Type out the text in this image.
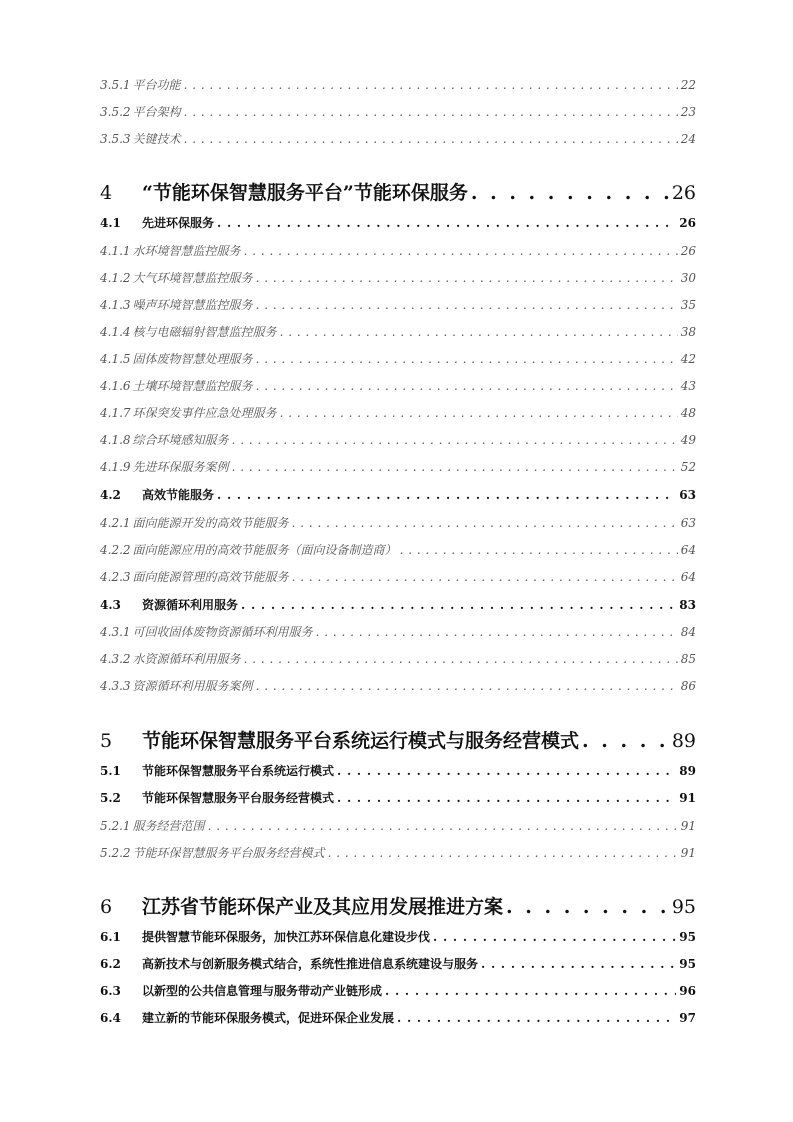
3.5.1 平台功能 . . .	22
3.5.2 平台架构 . . .	23
3.5.3 关键技术 . . .	24
4	“节能环保智慧服务平台”节能环保服务 . . .	26
4.1	先进环保服务 . . .	26
4.1.1 水环境智慧监控服务 . . .	26
4.1.2 大气环境智慧监控服务 . . .	30
4.1.3 噪声环境智慧监控服务 . . .	35
4.1.4 核与电磁辐射智慧监控服务 . . .	38
4.1.5 固体废物智慧处理服务 . . .	42
4.1.6 土壤环境智慧监控服务 . . .	43
4.1.7 环保突发事件应急处理服务 . . .	48
4.1.8 综合环境感知服务 . . .	49
4.1.9 先进环保服务案例 . . .	52
4.2	高效节能服务 . . .	63
4.2.1 面向能源开发的高效节能服务 . . .	63
4.2.2 面向能源应用的高效节能服务（面向设备制造商） . . .	64
4.2.3 面向能源管理的高效节能服务 . . .	64
4.3	资源循环利用服务 . . .	83
4.3.1 可回收固体废物资源循环利用服务 . . .	84
4.3.2 水资源循环利用服务 . . .	85
4.3.3 资源循环利用服务案例 . . .	86
5	节能环保智慧服务平台系统运行模式与服务经营模式 . . .	89
5.1	节能环保智慧服务平台系统运行模式 . . .	89
5.2	节能环保智慧服务平台服务经营模式 . . .	91
5.2.1 服务经营范围 . . .	91
5.2.2 节能环保智慧服务平台服务经营模式 . . .	91
6	江苏省节能环保产业及其应用发展推进方案 . . .	95
6.1	提供智慧节能环保服务，加快江苏环保信息化建设步伐 . . .	95
6.2	高新技术与创新服务模式结合，系统性推进信息系统建设与服务 . . .	95
6.3	以新型的公共信息管理与服务带动产业链形成 . . .	96
6.4	建立新的节能环保服务模式，促进环保企业发展 . . .	97
